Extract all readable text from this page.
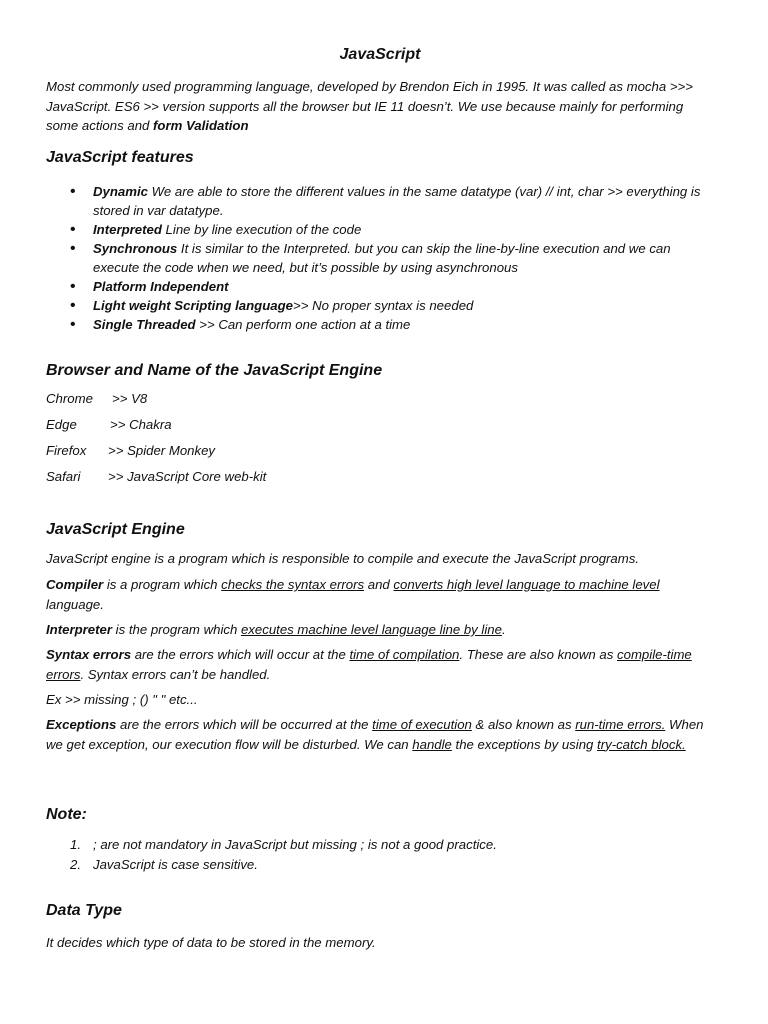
JavaScript

Most commonly used programming language, developed by Brendon Eich in 1995. It was called as mocha >>> JavaScript. ES6 >> version supports all the browser but IE 11 doesn’t. We use because mainly for performing some actions and form Validation

JavaScript features
• Dynamic We are able to store the different values in the same datatype (var) // int, char >> everything is stored in var datatype.
• Interpreted Line by line execution of the code
• Synchronous It is similar to the Interpreted. but you can skip the line-by-line execution and we can execute the code when we need, but it’s possible by using asynchronous
• Platform Independent
• Light weight Scripting language>> No proper syntax is needed
• Single Threaded >> Can perform one action at a time
Browser and Name of the JavaScript Engine
Chrome	>> V8
Edge	>> Chakra
Firefox	>> Spider Monkey
Safari	>> JavaScript Core web-kit
JavaScript Engine

JavaScript engine is a program which is responsible to compile and execute the JavaScript programs.

Compiler is a program which checks the syntax errors and converts high level language to machine level language.

Interpreter is the program which executes machine level language line by line.

Syntax errors are the errors which will occur at the time of compilation. These are also known as compile-time errors. Syntax errors can’t be handled.

Ex >> missing ; () " " etc...

Exceptions are the errors which will be occurred at the time of execution & also known as run-time errors. When we get exception, our execution flow will be disturbed. We can handle the exceptions by using try-catch block.

Note:
1. ; are not mandatory in JavaScript but missing ; is not a good practice.
2. JavaScript is case sensitive.
Data Type

It decides which type of data to be stored in the memory.
